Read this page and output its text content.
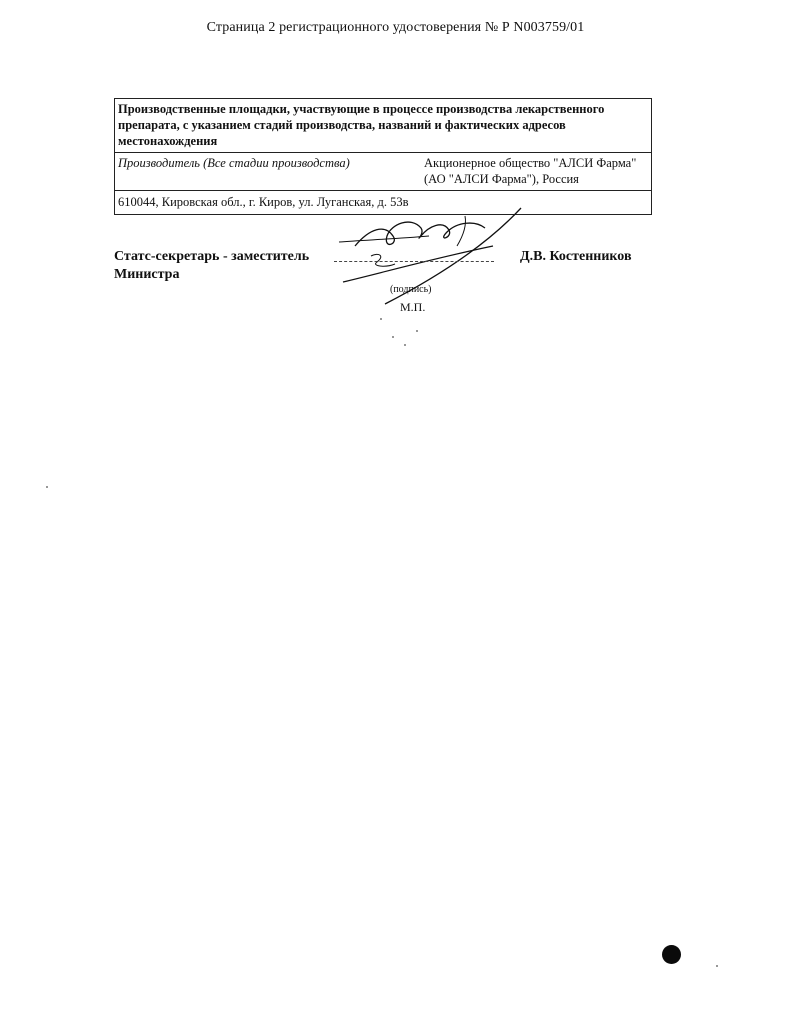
Страница 2 регистрационного удостоверения № Р N003759/01
Производственные площадки, участвующие в процессе производства лекарственного препарата, с указанием стадий производства, названий и фактических адресов местонахождения
Производитель (Все стадии производства)	Акционерное общество "АЛСИ Фарма"
(АО "АЛСИ Фарма"), Россия
610044, Кировская обл., г. Киров, ул. Луганская, д. 53в
Статс-секретарь - заместитель
Министра
(подпись)
М.П.
Д.В. Костенников
